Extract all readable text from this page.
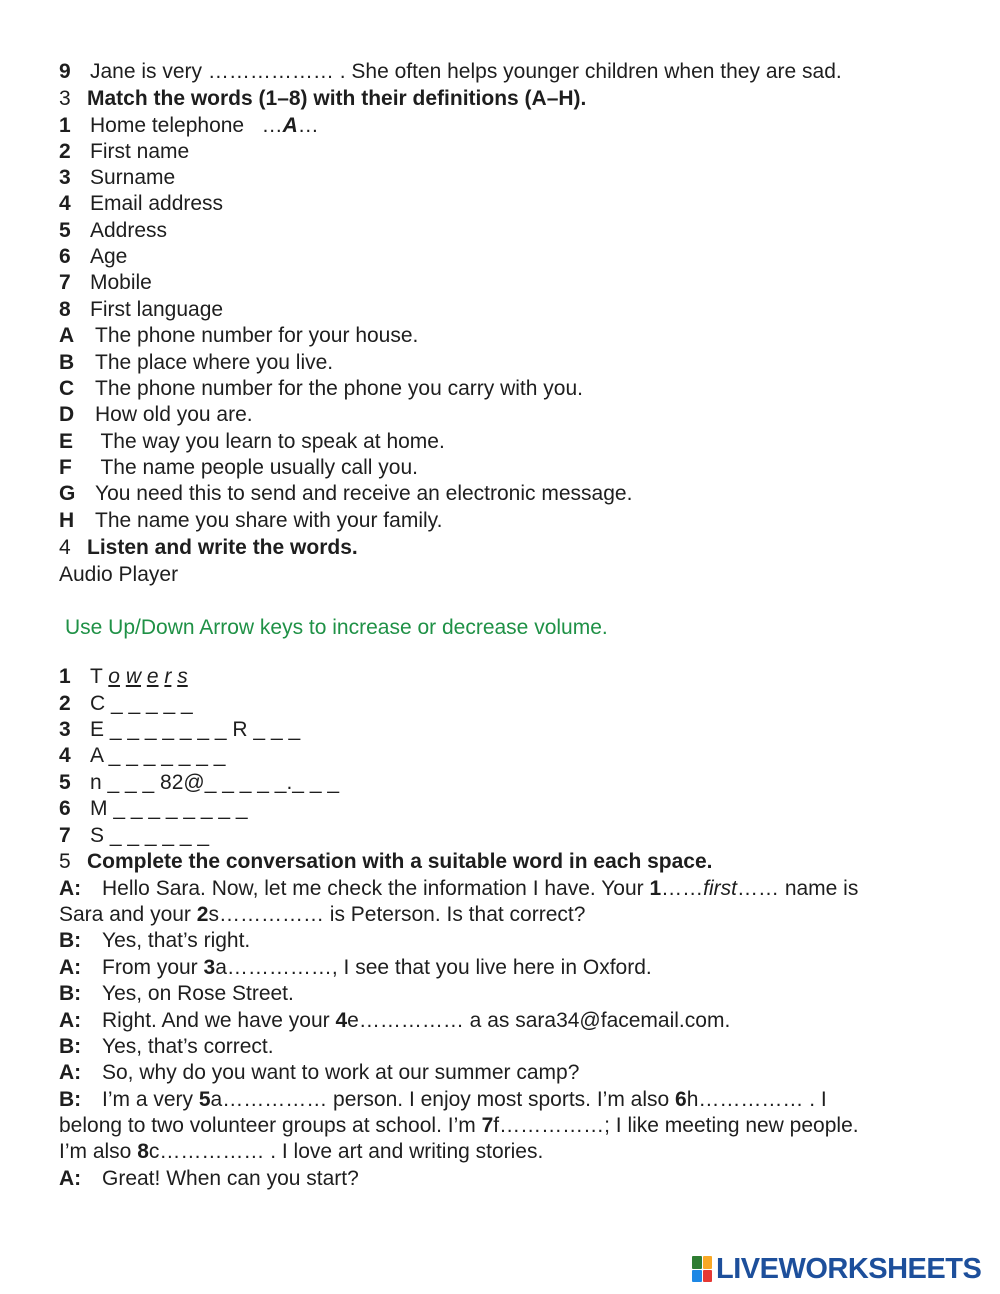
9 Jane is very ……………… . She often helps younger children when they are sad.
3 Match the words (1–8) with their definitions (A–H).
1 Home telephone   …A…
2 First name
3 Surname
4 Email address
5 Address
6 Age
7 Mobile
8 First language
A The phone number for your house.
B The place where you live.
C The phone number for the phone you carry with you.
D How old you are.
E The way you learn to speak at home.
F The name people usually call you.
G You need this to send and receive an electronic message.
H The name you share with your family.
4 Listen and write the words.
Audio Player
Use Up/Down Arrow keys to increase or decrease volume.
1 T o w e r s
2 C _ _ _ _ _
3 E _ _ _ _ _ _ _ R _ _ _
4 A _ _ _ _ _ _ _
5 n _ _ _ 82@_ _ _ _ _._ _ _
6 M _ _ _ _ _ _ _ _
7 S _ _ _ _ _ _
5 Complete the conversation with a suitable word in each space.
A: Hello Sara. Now, let me check the information I have. Your 1……first…… name is
Sara and your 2s…………… is Peterson. Is that correct?
B: Yes, that’s right.
A: From your 3a……………, I see that you live here in Oxford.
B: Yes, on Rose Street.
A: Right. And we have your 4e…………… a as sara34@facemail.com.
B: Yes, that’s correct.
A: So, why do you want to work at our summer camp?
B: I’m a very 5a…………… person. I enjoy most sports. I’m also 6h…………… . I
belong to two volunteer groups at school. I’m 7f……………; I like meeting new people.
I’m also 8c…………… . I love art and writing stories.
A: Great! When can you start?
LIVEWORKSHEETS
